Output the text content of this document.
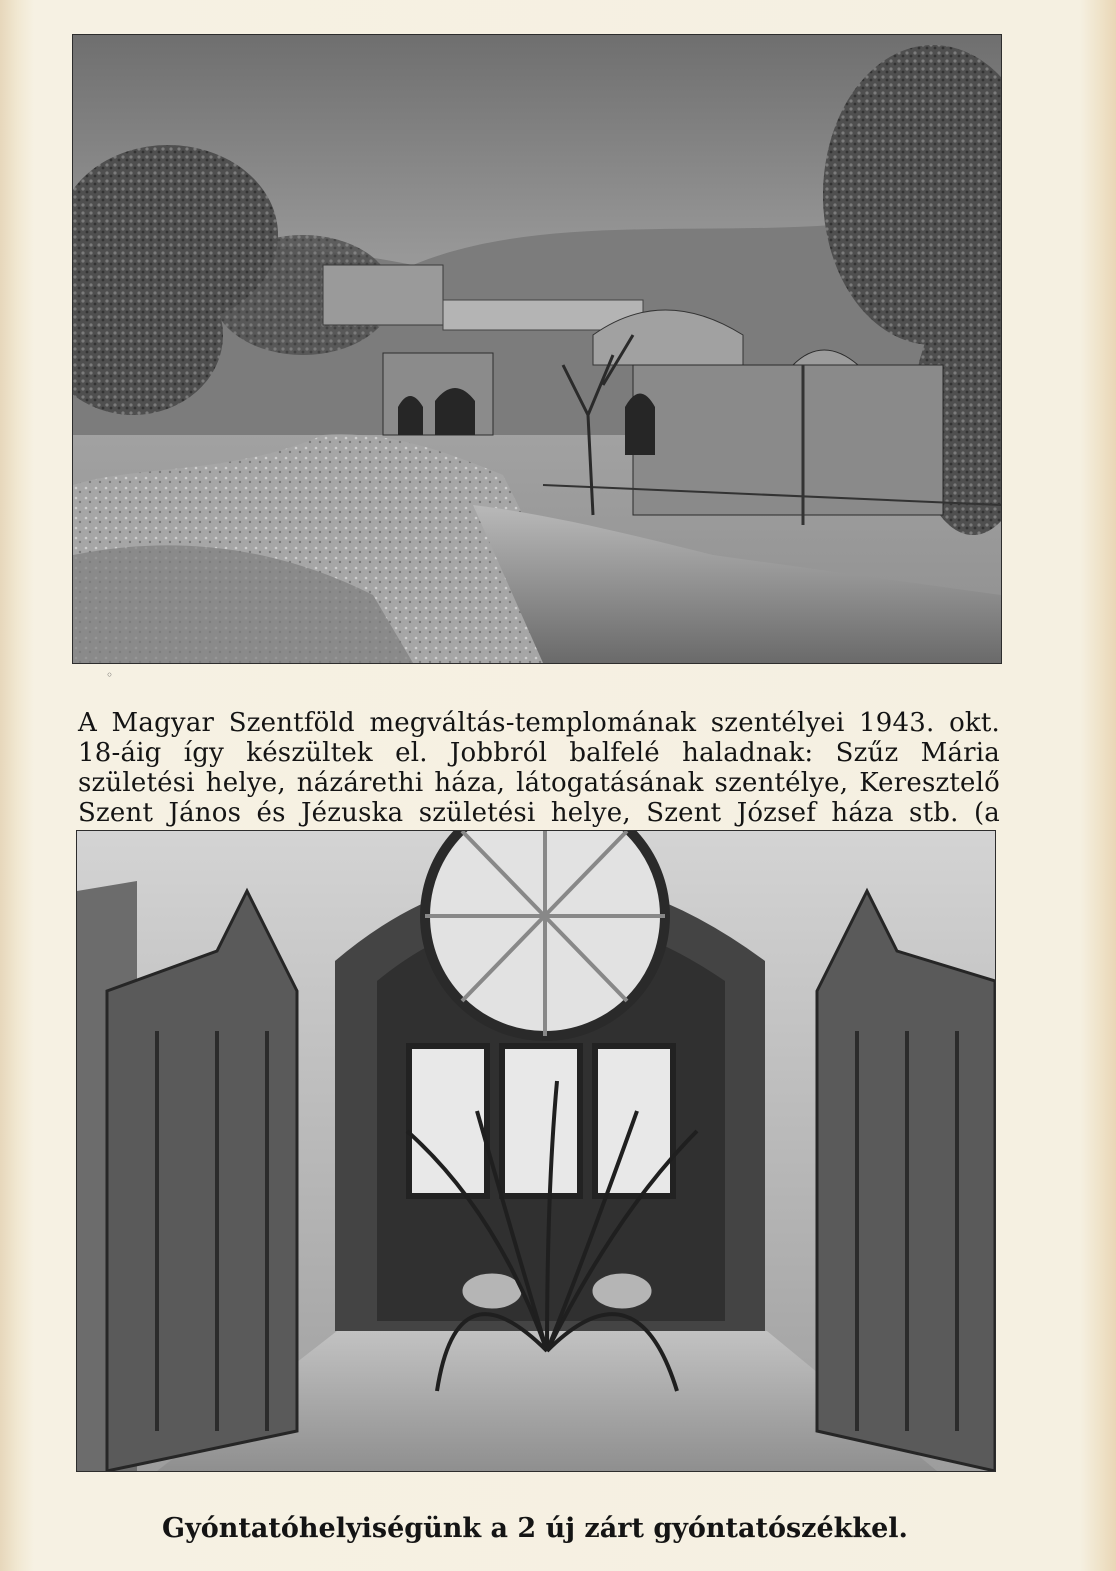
◦

A Magyar Szentföld megváltás-templomának szentélyei 1943. okt. 18-áig így készültek el. Jobbról balfelé haladnak: Szűz Mária születési helye, názárethi háza, látogatásának szentélye, Keresztelő Szent János és Jézuska születési helye, Szent József háza stb. (a

Gyóntatóhelyiségünk a 2 új zárt gyóntatószékkel.
